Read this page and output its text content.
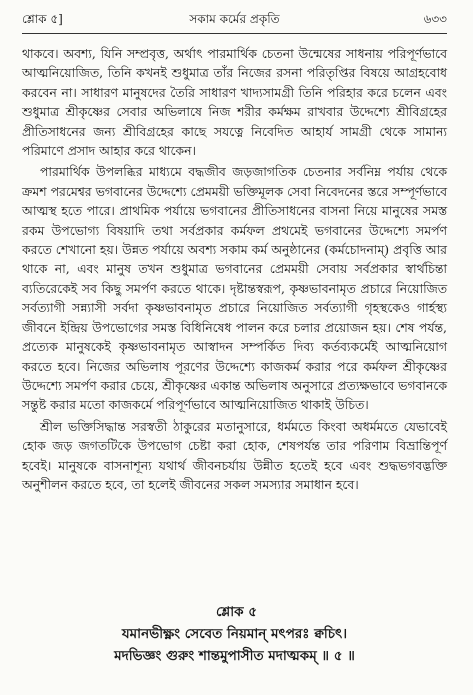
শ্লোক ৫]	সকাম কর্মের প্রকৃতি	৬৩৩

থাকবে। অবশ্য, যিনি সম্প্রবৃত্ত, অর্থাৎ পারমার্থিক চেতনা উন্মেষের সাধনায় পরিপূর্ণভাবে আত্মনিয়োজিত, তিনি কখনই শুধুমাত্র তাঁর নিজের রসনা পরিতৃপ্তির বিষয়ে আগ্রহবোধ করবেন না। সাধারণ মানুষদের তৈরি সাধারণ খাদ্যসামগ্রী তিনি পরিহার করে চলেন এবং শুধুমাত্র শ্রীকৃষ্ণের সেবার অভিলাষে নিজ শরীর কর্মক্ষম রাখবার উদ্দেশ্যে শ্রীবিগ্রহের প্রীতিসাধনের জন্য শ্রীবিগ্রহের কাছে সযত্নে নিবেদিত আহার্য সামগ্রী থেকে সামান্য পরিমাণে প্রসাদ আহার করে থাকেন।

পারমার্থিক উপলব্ধির মাধ্যমে বদ্ধজীব জড়জাগতিক চেতনার সর্বনিম্ন পর্যায় থেকে ক্রমশ পরমেশ্বর ভগবানের উদ্দেশ্যে প্রেমময়ী ভক্তিমূলক সেবা নিবেদনের স্তরে সম্পূর্ণভাবে আত্মস্থ হতে পারে। প্রাথমিক পর্যায়ে ভগবানের প্রীতিসাধনের বাসনা নিয়ে মানুষের সমস্ত রকম উপভোগ্য বিষয়াদি তথা সর্বপ্রকার কর্মফল প্রথমেই ভগবানের উদ্দেশ্যে সমর্পণ করতে শেখানো হয়। উন্নত পর্যায়ে অবশ্য সকাম কর্ম অনুষ্ঠানের (কর্মচোদনাম্) প্রবৃত্তি আর থাকে না, এবং মানুষ তখন শুধুমাত্র ভগবানের প্রেমময়ী সেবায় সর্বপ্রকার স্বার্থচিন্তা ব্যতিরেকেই সব কিছু সমর্পণ করতে থাকে। দৃষ্টান্তস্বরূপ, কৃষ্ণভাবনামৃত প্রচারে নিয়োজিত সর্বত্যাগী সন্ন্যাসী সর্বদা কৃষ্ণভাবনামৃত প্রচারে নিয়োজিত সর্বত্যাগী গৃহস্থকেও গার্হস্থ্য জীবনে ইন্দ্রিয় উপভোগের সমস্ত বিধিনিষেধ পালন করে চলার প্রয়োজন হয়। শেষ পর্যন্ত, প্রত্যেক মানুষকেই কৃষ্ণভাবনামৃত আস্বাদন সম্পর্কিত দিব্য কর্তব্যকর্মেই আত্মনিয়োগ করতে হবে। নিজের অভিলাষ পূরণের উদ্দেশ্যে কাজকর্ম করার পরে কর্মফল শ্রীকৃষ্ণের উদ্দেশ্যে সমর্পণ করার চেয়ে, শ্রীকৃষ্ণের একান্ত অভিলাষ অনুসারে প্রত্যক্ষভাবে ভগবানকে সন্তুষ্ট করার মতো কাজকর্মে পরিপূর্ণভাবে আত্মনিয়োজিত থাকাই উচিত।

শ্রীল ভক্তিসিদ্ধান্ত সরস্বতী ঠাকুরের মতানুসারে, ধর্মমতে কিংবা অধর্মমতে যেভাবেই হোক জড় জগতটিকে উপভোগ চেষ্টা করা হোক, শেষপর্যন্ত তার পরিণাম বিভ্রান্তিপূর্ণ হবেই। মানুষকে বাসনাশূন্য যথার্থ জীবনচর্যায় উন্নীত হতেই হবে এবং শুদ্ধভগবদ্ভক্তি অনুশীলন করতে হবে, তা হলেই জীবনের সকল সমস্যার সমাধান হবে।

শ্লোক ৫
যমানভীক্ষ্ণং সেবেত নিয়মান্ মৎপরঃ ক্বচিৎ।
মদভিজ্ঞং গুরুং শান্তমুপাসীত মদাত্মকম্ ॥ ৫ ॥
